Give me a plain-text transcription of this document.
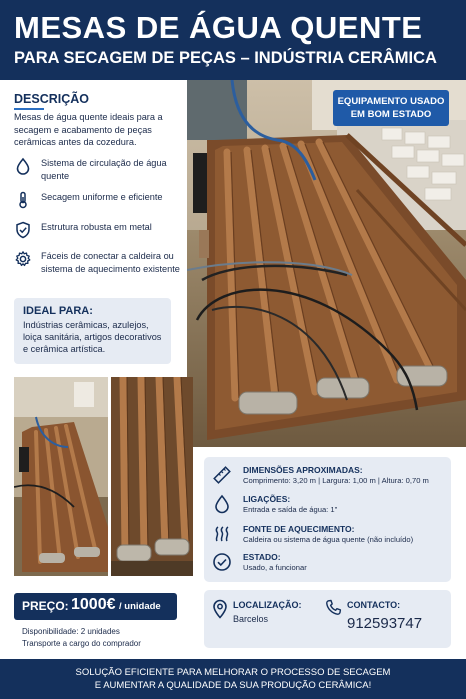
MESAS DE ÁGUA QUENTE
PARA SECAGEM DE PEÇAS – INDÚSTRIA CERÂMICA
DESCRIÇÃO
Mesas de água quente ideais para a secagem e acabamento de peças cerâmicas antes da cozedura.
Sistema de circulação de água quente
Secagem uniforme e eficiente
Estrutura robusta em metal
Fáceis de conectar a caldeira ou sistema de aquecimento existente
IDEAL PARA:
Indústrias cerâmicas, azulejos, loiça sanitária, artigos decorativos e cerâmica artística.
EQUIPAMENTO USADO
EM BOM ESTADO
DIMENSÕES APROXIMADAS:
Comprimento: 3,20 m | Largura: 1,00 m | Altura: 0,70 m
LIGAÇÕES:
Entrada e saída de água: 1"
FONTE DE AQUECIMENTO:
Caldeira ou sistema de água quente (não incluído)
ESTADO:
Usado, a funcionar
PREÇO: 1000€ / unidade
Disponibilidade: 2 unidades
Transporte a cargo do comprador
LOCALIZAÇÃO:
Barcelos
CONTACTO:
912593747
SOLUÇÃO EFICIENTE PARA MELHORAR O PROCESSO DE SECAGEM
E AUMENTAR A QUALIDADE DA SUA PRODUÇÃO CERÂMICA!
